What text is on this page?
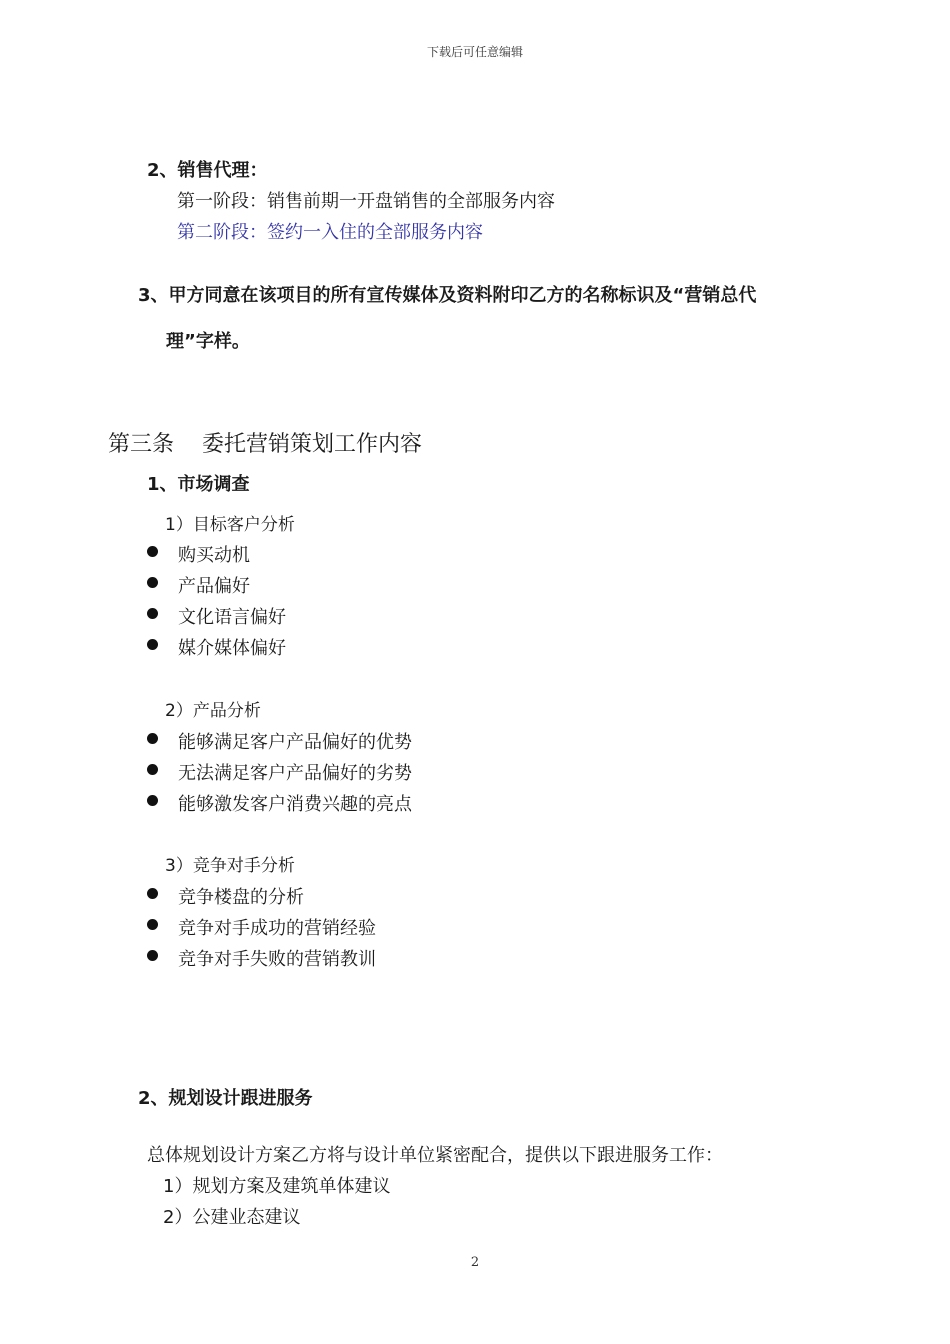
下载后可任意编辑
2、销售代理：
第一阶段：销售前期一开盘销售的全部服务内容
第二阶段：签约一入住的全部服务内容
3、甲方同意在该项目的所有宣传媒体及资料附印乙方的名称标识及“营销总代
理”字样。
第三条    委托营销策划工作内容
1、市场调查
1）目标客户分析
购买动机
产品偏好
文化语言偏好
媒介媒体偏好
2）产品分析
能够满足客户产品偏好的优势
无法满足客户产品偏好的劣势
能够激发客户消费兴趣的亮点
3）竞争对手分析
竞争楼盘的分析
竞争对手成功的营销经验
竞争对手失败的营销教训
2、规划设计跟进服务
总体规划设计方案乙方将与设计单位紧密配合，提供以下跟进服务工作：
1）规划方案及建筑单体建议
2）公建业态建议
2
